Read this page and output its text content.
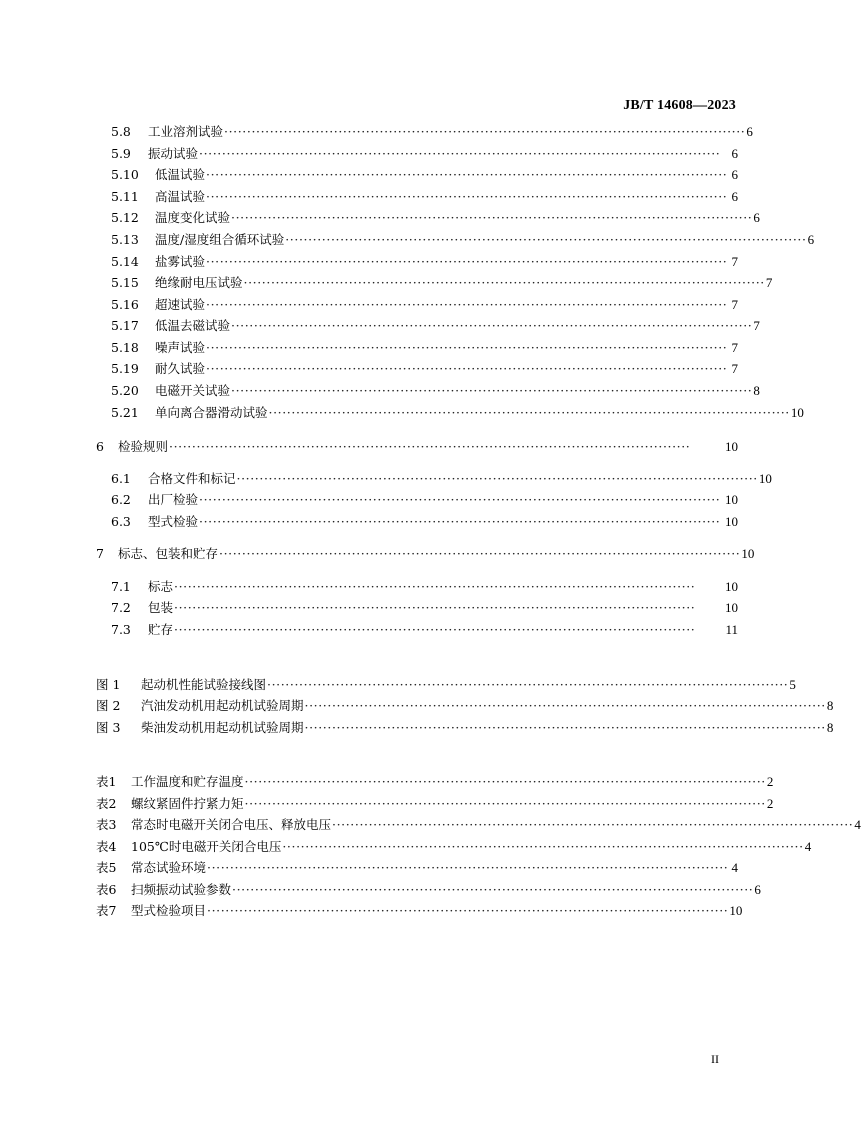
JB/T 14608—2023
5.8	工业溶剂试验 ·················································································································· 6
5.9	振动试验 ·················································································································· 6
5.10	低温试验 ·················································································································· 6
5.11	高温试验 ·················································································································· 6
5.12	温度变化试验 ·················································································································· 6
5.13	温度/湿度组合循环试验 ·················································································································· 6
5.14	盐雾试验 ·················································································································· 7
5.15	绝缘耐电压试验 ·················································································································· 7
5.16	超速试验 ·················································································································· 7
5.17	低温去磁试验 ·················································································································· 7
5.18	噪声试验 ·················································································································· 7
5.19	耐久试验 ·················································································································· 7
5.20	电磁开关试验 ·················································································································· 8
5.21	单向离合器滑动试验 ·················································································································· 10
6	检验规则 ··················································································································	10
6.1	合格文件和标记 ·················································································································· 10
6.2	出厂检验 ·················································································································· 10
6.3	型式检验 ·················································································································· 10
7	标志、包装和贮存 ·················································································································· 10
7.1	标志 ··················································································································	10
7.2	包装 ··················································································································	10
7.3	贮存 ··················································································································	11
图 1	起动机性能试验接线图 ·················································································································· 5
图 2	汽油发动机用起动机试验周期 ·················································································································· 8
图 3	柴油发动机用起动机试验周期 ·················································································································· 8
表1	工作温度和贮存温度 ·················································································································· 2
表2	螺纹紧固件拧紧力矩 ·················································································································· 2
表3	常态时电磁开关闭合电压、释放电压 ·················································································································· 4
表4	105℃时电磁开关闭合电压 ·················································································································· 4
表5	常态试验环境 ·················································································································· 4
表6	扫频振动试验参数 ·················································································································· 6
表7	型式检验项目 ·················································································································· 10
II
